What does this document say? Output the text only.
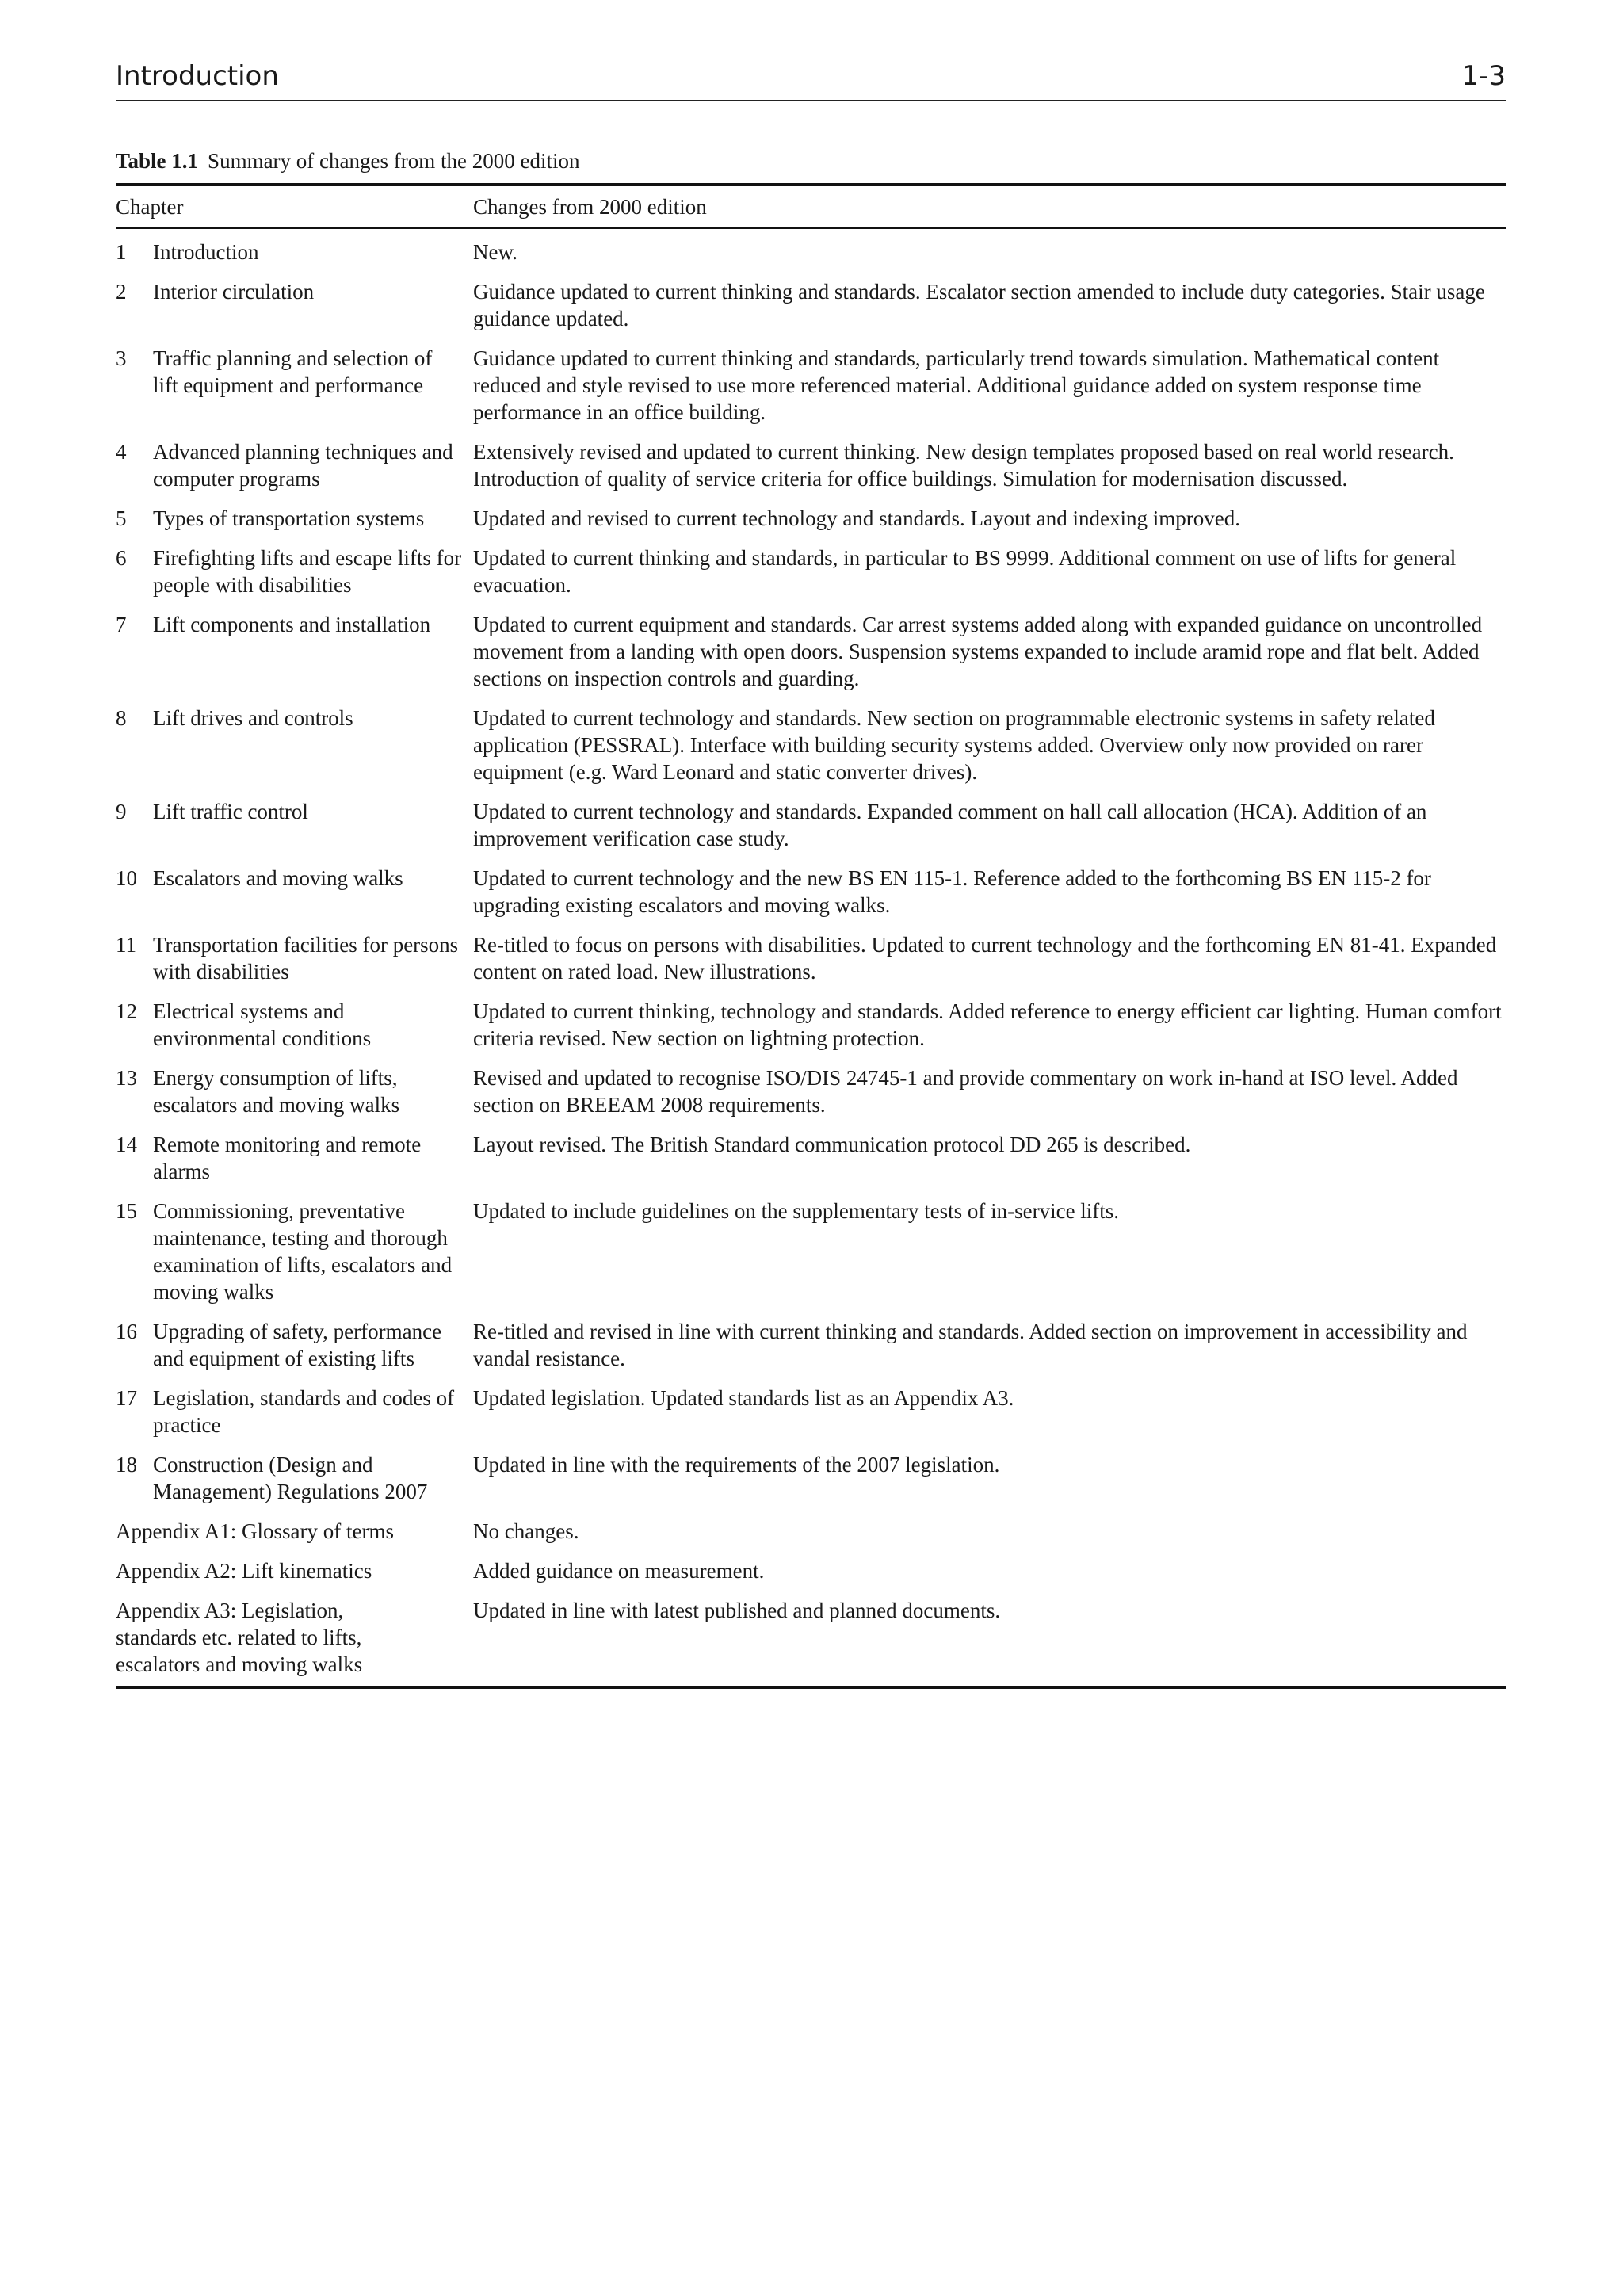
Introduction	1-3
Table 1.1 Summary of changes from the 2000 edition
Chapter	Changes from 2000 edition

1 Introduction	New.

2 Interior circulation	Guidance updated to current thinking and standards. Escalator section amended to include duty categories. Stair usage guidance updated.

3 Traffic planning and selection of lift equipment and performance	Guidance updated to current thinking and standards, particularly trend towards simulation. Mathematical content reduced and style revised to use more referenced material. Additional guidance added on system response time performance in an office building.

4 Advanced planning techniques and computer programs	Extensively revised and updated to current thinking. New design templates proposed based on real world research. Introduction of quality of service criteria for office buildings. Simulation for modernisation discussed.

5 Types of transportation systems	Updated and revised to current technology and standards. Layout and indexing improved.

6 Firefighting lifts and escape lifts for people with disabilities	Updated to current thinking and standards, in particular to BS 9999. Additional comment on use of lifts for general evacuation.

7 Lift components and installation	Updated to current equipment and standards. Car arrest systems added along with expanded guidance on uncontrolled movement from a landing with open doors. Suspension systems expanded to include aramid rope and flat belt. Added sections on inspection controls and guarding.

8 Lift drives and controls	Updated to current technology and standards. New section on programmable electronic systems in safety related application (PESSRAL). Interface with building security systems added. Overview only now provided on rarer equipment (e.g. Ward Leonard and static converter drives).

9 Lift traffic control	Updated to current technology and standards. Expanded comment on hall call allocation (HCA). Addition of an improvement verification case study.

10 Escalators and moving walks	Updated to current technology and the new BS EN 115-1. Reference added to the forthcoming BS EN 115-2 for upgrading existing escalators and moving walks.

11 Transportation facilities for persons with disabilities	Re-titled to focus on persons with disabilities. Updated to current technology and the forthcoming EN 81-41. Expanded content on rated load. New illustrations.

12 Electrical systems and environmental conditions	Updated to current thinking, technology and standards. Added reference to energy efficient car lighting. Human comfort criteria revised. New section on lightning protection.

13 Energy consumption of lifts, escalators and moving walks	Revised and updated to recognise ISO/DIS 24745-1 and provide commentary on work in-hand at ISO level. Added section on BREEAM 2008 requirements.

14 Remote monitoring and remote alarms	Layout revised. The British Standard communication protocol DD 265 is described.

15 Commissioning, preventative maintenance, testing and thorough examination of lifts, escalators and moving walks	Updated to include guidelines on the supplementary tests of in-service lifts.

16 Upgrading of safety, performance and equipment of existing lifts	Re-titled and revised in line with current thinking and standards. Added section on improvement in accessibility and vandal resistance.

17 Legislation, standards and codes of practice	Updated legislation. Updated standards list as an Appendix A3.

18 Construction (Design and Management) Regulations 2007	Updated in line with the requirements of the 2007 legislation.

Appendix A1: Glossary of terms	No changes.

Appendix A2: Lift kinematics	Added guidance on measurement.

Appendix A3: Legislation, standards etc. related to lifts, escalators and moving walks	Updated in line with latest published and planned documents.
